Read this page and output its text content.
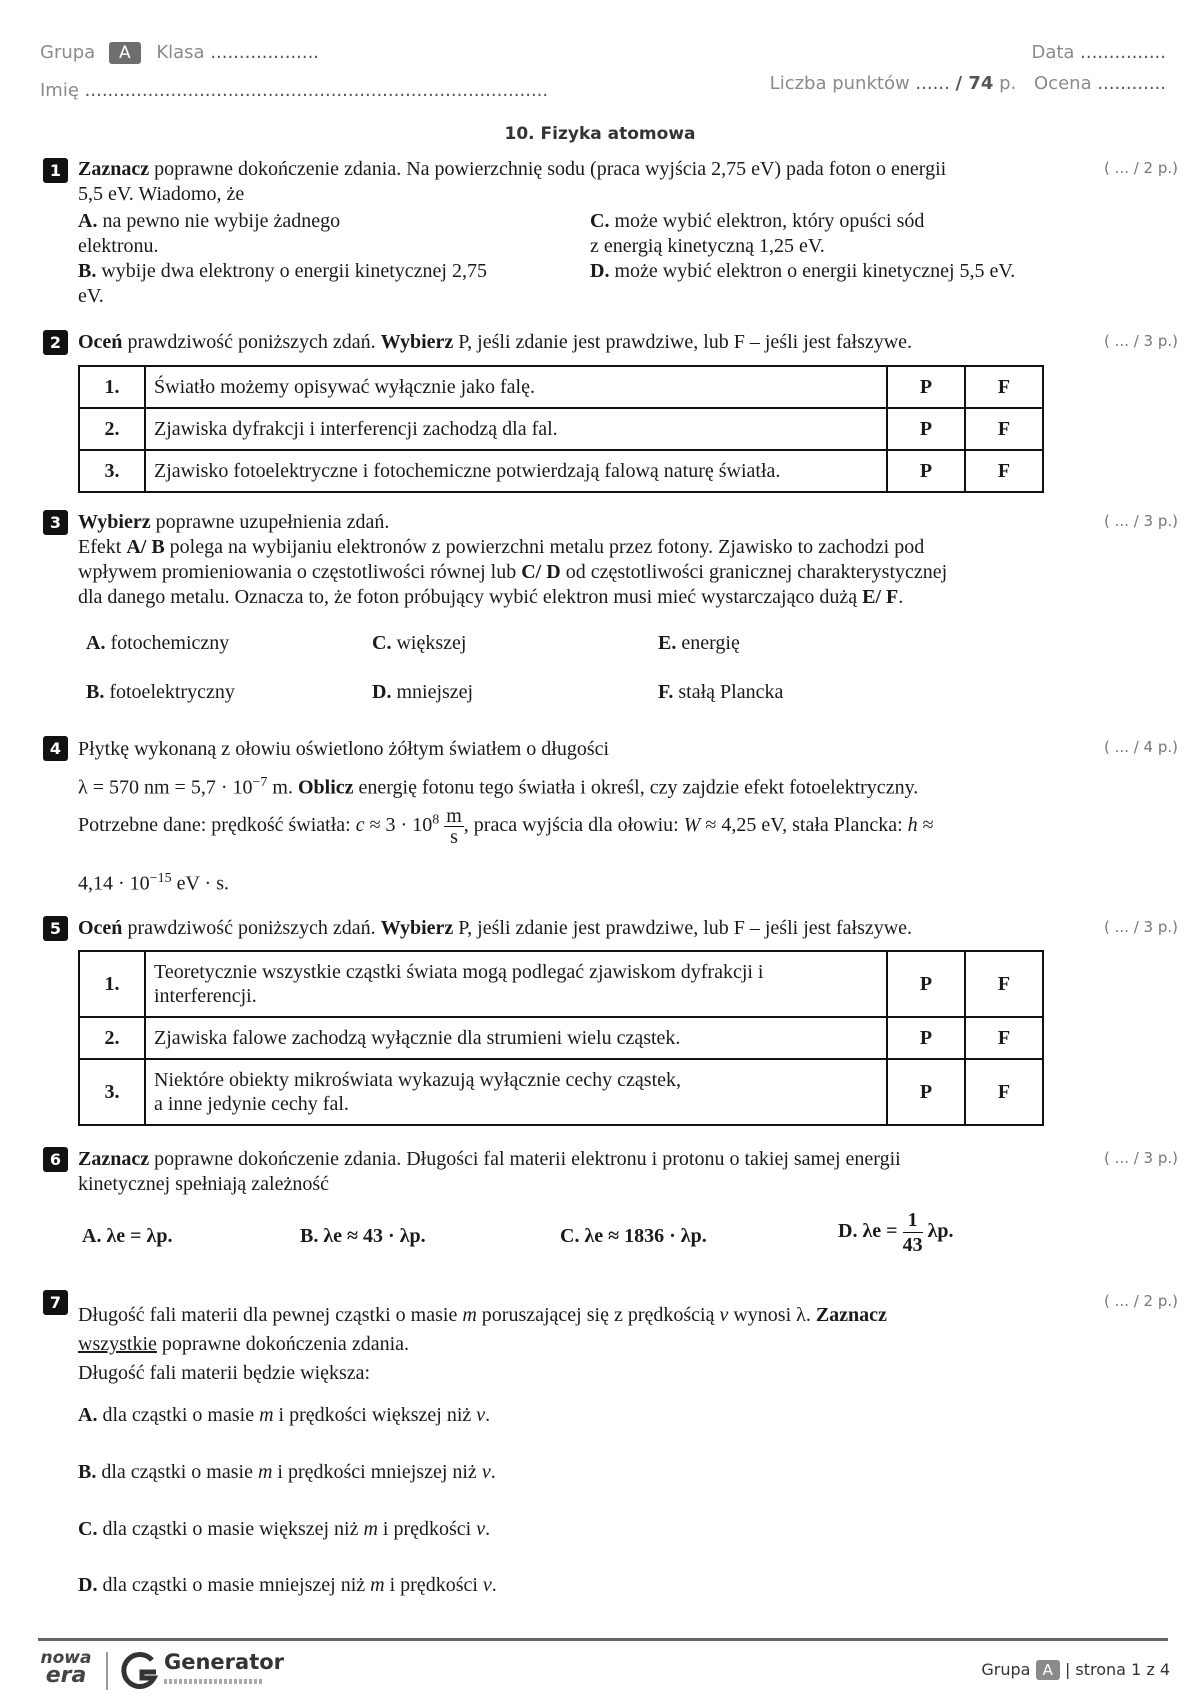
Grupa A Klasa ...................
Imię .................................................................................
Data ...............
Liczba punktów ...... / 74 p. Ocena ............
10. Fizyka atomowa
1	( ... / 2 p.)
Zaznacz poprawne dokończenie zdania. Na powierzchnię sodu (praca wyjścia 2,75 eV) pada foton o energii
5,5 eV. Wiadomo, że
A. na pewno nie wybije żadnego
elektronu.
B. wybije dwa elektrony o energii kinetycznej 2,75
eV.
C. może wybić elektron, który opuści sód
z energią kinetyczną 1,25 eV.
D. może wybić elektron o energii kinetycznej 5,5 eV.
2	( ... / 3 p.)
Oceń prawdziwość poniższych zdań. Wybierz P, jeśli zdanie jest prawdziwe, lub F – jeśli jest fałszywe.
1.	Światło możemy opisywać wyłącznie jako falę.	P	F
2.	Zjawiska dyfrakcji i interferencji zachodzą dla fal.	P	F
3.	Zjawisko fotoelektryczne i fotochemiczne potwierdzają falową naturę światła.	P	F
3	( ... / 3 p.)
Wybierz poprawne uzupełnienia zdań.
Efekt A/ B polega na wybijaniu elektronów z powierzchni metalu przez fotony. Zjawisko to zachodzi pod
wpływem promieniowania o częstotliwości równej lub C/ D od częstotliwości granicznej charakterystycznej
dla danego metalu. Oznacza to, że foton próbujący wybić elektron musi mieć wystarczająco dużą E/ F.
A. fotochemiczny	C. większej	E. energię
B. fotoelektryczny	D. mniejszej	F. stałą Plancka
4	( ... / 4 p.)
Płytkę wykonaną z ołowiu oświetlono żółtym światłem o długości
λ = 570 nm = $5,7 \cdot 10^{-7}$ m. Oblicz energię fotonu tego światła i określ, czy zajdzie efekt fotoelektryczny.
Potrzebne dane: prędkość światła: $c \approx 3 \cdot 10^8 \frac{m}{s}$ , praca wyjścia dla ołowiu: W ≈ 4,25 eV, stała Plancka: h ≈
$4,14 \cdot 10^{-15}$ eV · s.
5	( ... / 3 p.)
Oceń prawdziwość poniższych zdań. Wybierz P, jeśli zdanie jest prawdziwe, lub F – jeśli jest fałszywe.
1.	Teoretycznie wszystkie cząstki świata mogą podlegać zjawiskom dyfrakcji i
interferencji.	P	F
2.	Zjawiska falowe zachodzą wyłącznie dla strumieni wielu cząstek.	P	F
3.	Niektóre obiekty mikroświata wykazują wyłącznie cechy cząstek,
a inne jedynie cechy fal.	P	F
6	( ... / 3 p.)
Zaznacz poprawne dokończenie zdania. Długości fal materii elektronu i protonu o takiej samej energii
kinetycznej spełniają zależność
A. λe = λp.	B. λe ≈ 43 · λp.	C. λe ≈ 1836 · λp.	D. $\lambda e = \frac{1}{43} \lambda p$.
7	( ... / 2 p.)
Długość fali materii dla pewnej cząstki o masie m poruszającej się z prędkością v wynosi λ. Zaznacz
wszystkie poprawne dokończenia zdania.
Długość fali materii będzie większa:
A. dla cząstki o masie m i prędkości większej niż v.
B. dla cząstki o masie m i prędkości mniejszej niż v.
C. dla cząstki o masie większej niż m i prędkości v.
D. dla cząstki o masie mniejszej niż m i prędkości v.
nowa
era
Generator	Grupa A | strona 1 z 4
